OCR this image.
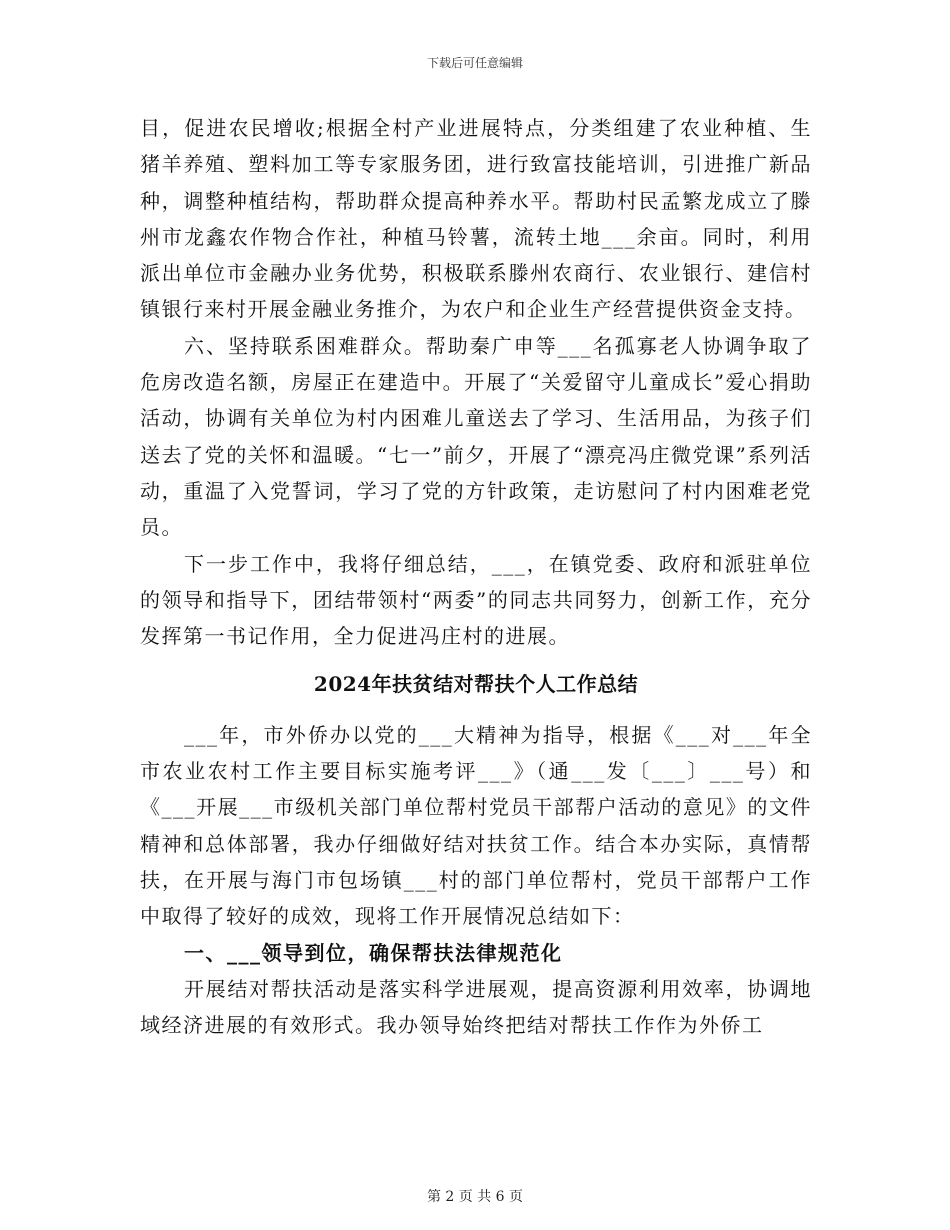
下载后可任意编辑

目，促进农民增收;根据全村产业进展特点，分类组建了农业种植、生猪羊养殖、塑料加工等专家服务团，进行致富技能培训，引进推广新品种，调整种植结构，帮助群众提高种养水平。帮助村民孟繁龙成立了滕州市龙鑫农作物合作社，种植马铃薯，流转土地___余亩。同时，利用派出单位市金融办业务优势，积极联系滕州农商行、农业银行、建信村镇银行来村开展金融业务推介，为农户和企业生产经营提供资金支持。

六、坚持联系困难群众。帮助秦广申等___名孤寡老人协调争取了危房改造名额，房屋正在建造中。开展了“关爱留守儿童成长”爱心捐助活动，协调有关单位为村内困难儿童送去了学习、生活用品，为孩子们送去了党的关怀和温暖。“七一”前夕，开展了“漂亮冯庄微党课”系列活动，重温了入党誓词，学习了党的方针政策，走访慰问了村内困难老党员。

下一步工作中，我将仔细总结，___，在镇党委、政府和派驻单位的领导和指导下，团结带领村“两委”的同志共同努力，创新工作，充分发挥第一书记作用，全力促进冯庄村的进展。

2024年扶贫结对帮扶个人工作总结

___年，市外侨办以党的___大精神为指导，根据《___对___年全市农业农村工作主要目标实施考评___》（通___发〔___〕___号）和《___开展___市级机关部门单位帮村党员干部帮户活动的意见》的文件精神和总体部署，我办仔细做好结对扶贫工作。结合本办实际，真情帮扶，在开展与海门市包场镇___村的部门单位帮村，党员干部帮户工作中取得了较好的成效，现将工作开展情况总结如下：

一、___领导到位，确保帮扶法律规范化

开展结对帮扶活动是落实科学进展观，提高资源利用效率，协调地域经济进展的有效形式。我办领导始终把结对帮扶工作作为外侨工

第 2 页 共 6 页
